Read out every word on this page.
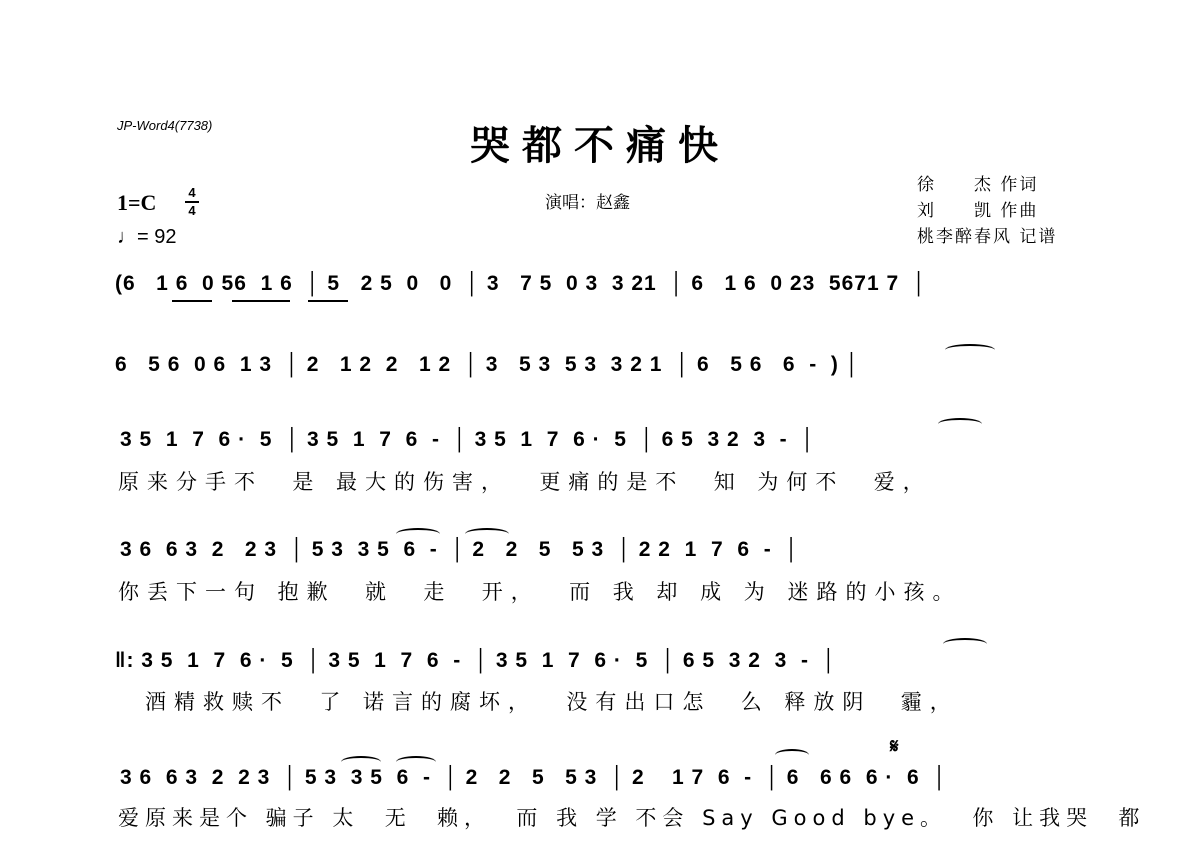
JP-Word4(7738)	哭都不痛快
1=C 4
4
♩= 92
演唱：赵鑫
徐　　杰 作词
刘　　凯 作曲
桃李醉春风 记谱
(6   1 6  0 56  1 6  │ 5   2 5  0   0  │ 3   7 5  0 3  3 21  │ 6   1 6  0 23  5671 7  │
6   5 6  0 6  1 3  │ 2   1 2  2   1 2  │ 3   5 3  5 3  3 2 1  │ 6   5 6   6  -  ) │
3 5  1  7  6 ·  5  │ 3 5  1  7  6  -  │ 3 5  1  7  6 ·  5  │ 6 5  3 2  3  -  │
原来分手不  是 最大的伤害，  更痛的是不  知 为何不  爱，
3 6  6 3  2   2 3  │ 5 3  3 5  6  -  │ 2   2   5   5 3  │ 2 2  1  7  6  -  │
你丢下一句 抱歉  就  走  开，  而 我 却 成 为 迷路的小孩。
‖: 3 5  1  7  6 ·  5  │ 3 5  1  7  6  -  │ 3 5  1  7  6 ·  5  │ 6 5  3 2  3  -  │
酒精救赎不  了 诺言的腐坏，  没有出口怎  么 释放阴  霾，
𝄋
3 6  6 3  2  2 3  │ 5 3  3 5  6  -  │ 2   2   5   5 3  │ 2    1 7  6  -  │ 6   6 6  6 ·  6  │
爱原来是个 骗子 太  无  赖，  而 我 学 不会 Say Good bye。  你 让我哭  都
